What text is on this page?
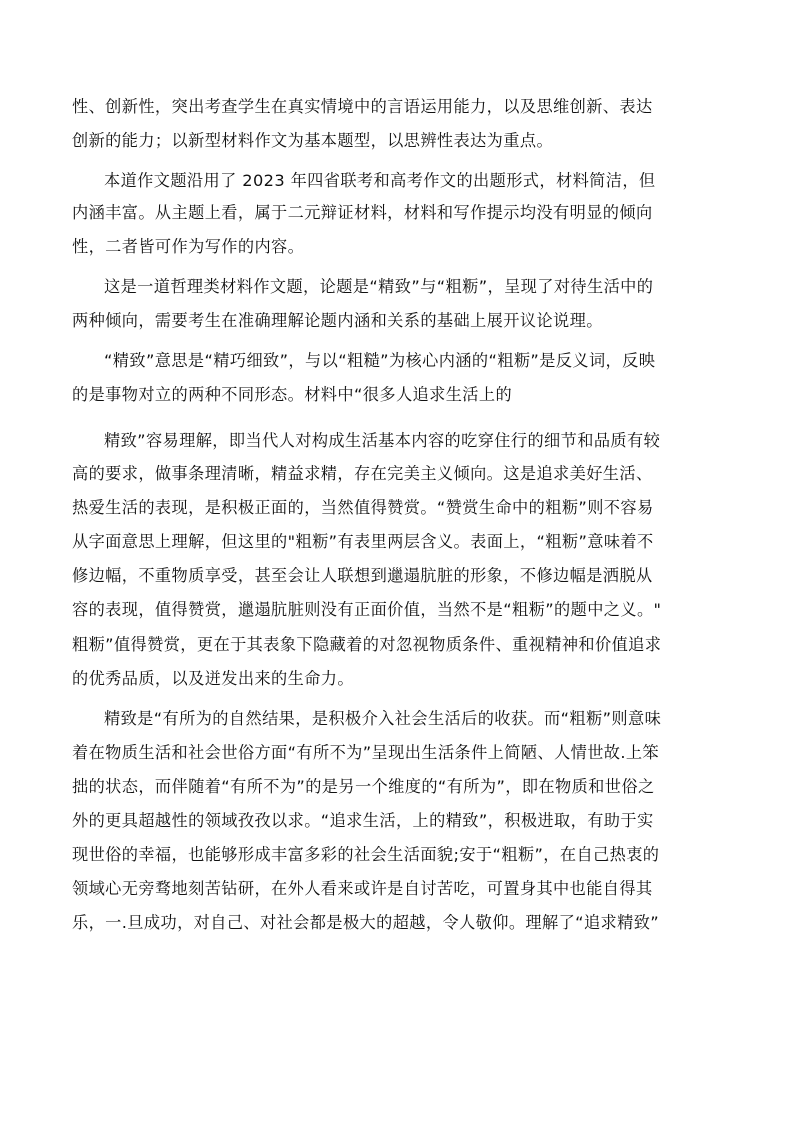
性、创新性，突出考查学生在真实情境中的言语运用能力，以及思维创新、表达
创新的能力；以新型材料作文为基本题型，以思辨性表达为重点。
本道作文题沿用了 2023 年四省联考和高考作文的出题形式，材料简洁，但
内涵丰富。从主题上看，属于二元辩证材料，材料和写作提示均没有明显的倾向
性，二者皆可作为写作的内容。
这是一道哲理类材料作文题，论题是“精致”与“粗粝”，呈现了对待生活中的
两种倾向，需要考生在准确理解论题内涵和关系的基础上展开议论说理。
“精致”意思是“精巧细致”，与以“粗糙”为核心内涵的“粗粝”是反义词，反映
的是事物对立的两种不同形态。材料中“很多人追求生活上的
精致”容易理解，即当代人对构成生活基本内容的吃穿住行的细节和品质有较
高的要求，做事条理清晰，精益求精，存在完美主义倾向。这是追求美好生活、
热爱生活的表现，是积极正面的，当然值得赞赏。“赞赏生命中的粗粝”则不容易
从字面意思上理解，但这里的"粗粝”有表里两层含义。表面上，“粗粝”意味着不
修边幅，不重物质享受，甚至会让人联想到邋遢肮脏的形象，不修边幅是洒脱从
容的表现，值得赞赏，邋遢肮脏则没有正面价值，当然不是“粗粝”的题中之义。"
粗粝”值得赞赏，更在于其表象下隐藏着的对忽视物质条件、重视精神和价值追求
的优秀品质，以及迸发出来的生命力。
精致是“有所为的自然结果，是积极介入社会生活后的收获。而“粗粝”则意味
着在物质生活和社会世俗方面“有所不为”呈现出生活条件上简陋、人情世故.上笨
拙的状态，而伴随着“有所不为”的是另一个维度的“有所为”，即在物质和世俗之
外的更具超越性的领域孜孜以求。“追求生活，上的精致”，积极进取，有助于实
现世俗的幸福，也能够形成丰富多彩的社会生活面貌;安于“粗粝”，在自己热衷的
领域心无旁骛地刻苦钻研，在外人看来或许是自讨苦吃，可置身其中也能自得其
乐，一.旦成功，对自己、对社会都是极大的超越，令人敬仰。理解了“追求精致”
